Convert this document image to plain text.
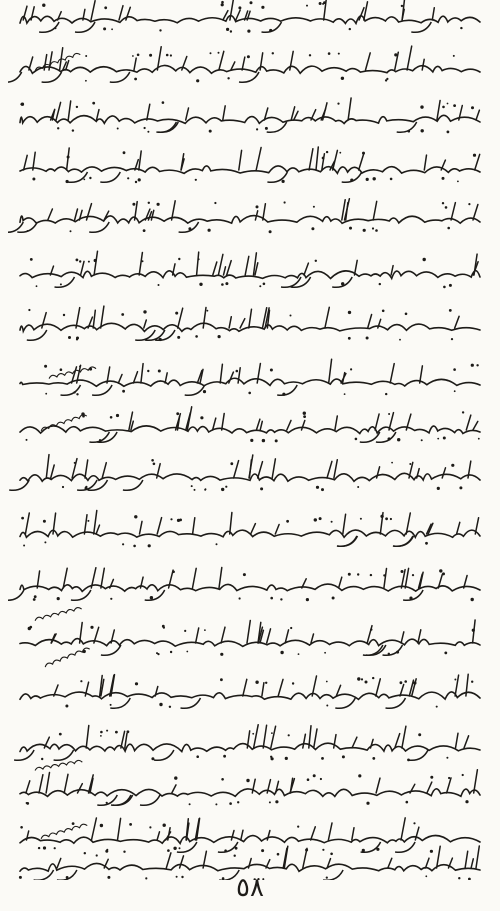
٥٨
